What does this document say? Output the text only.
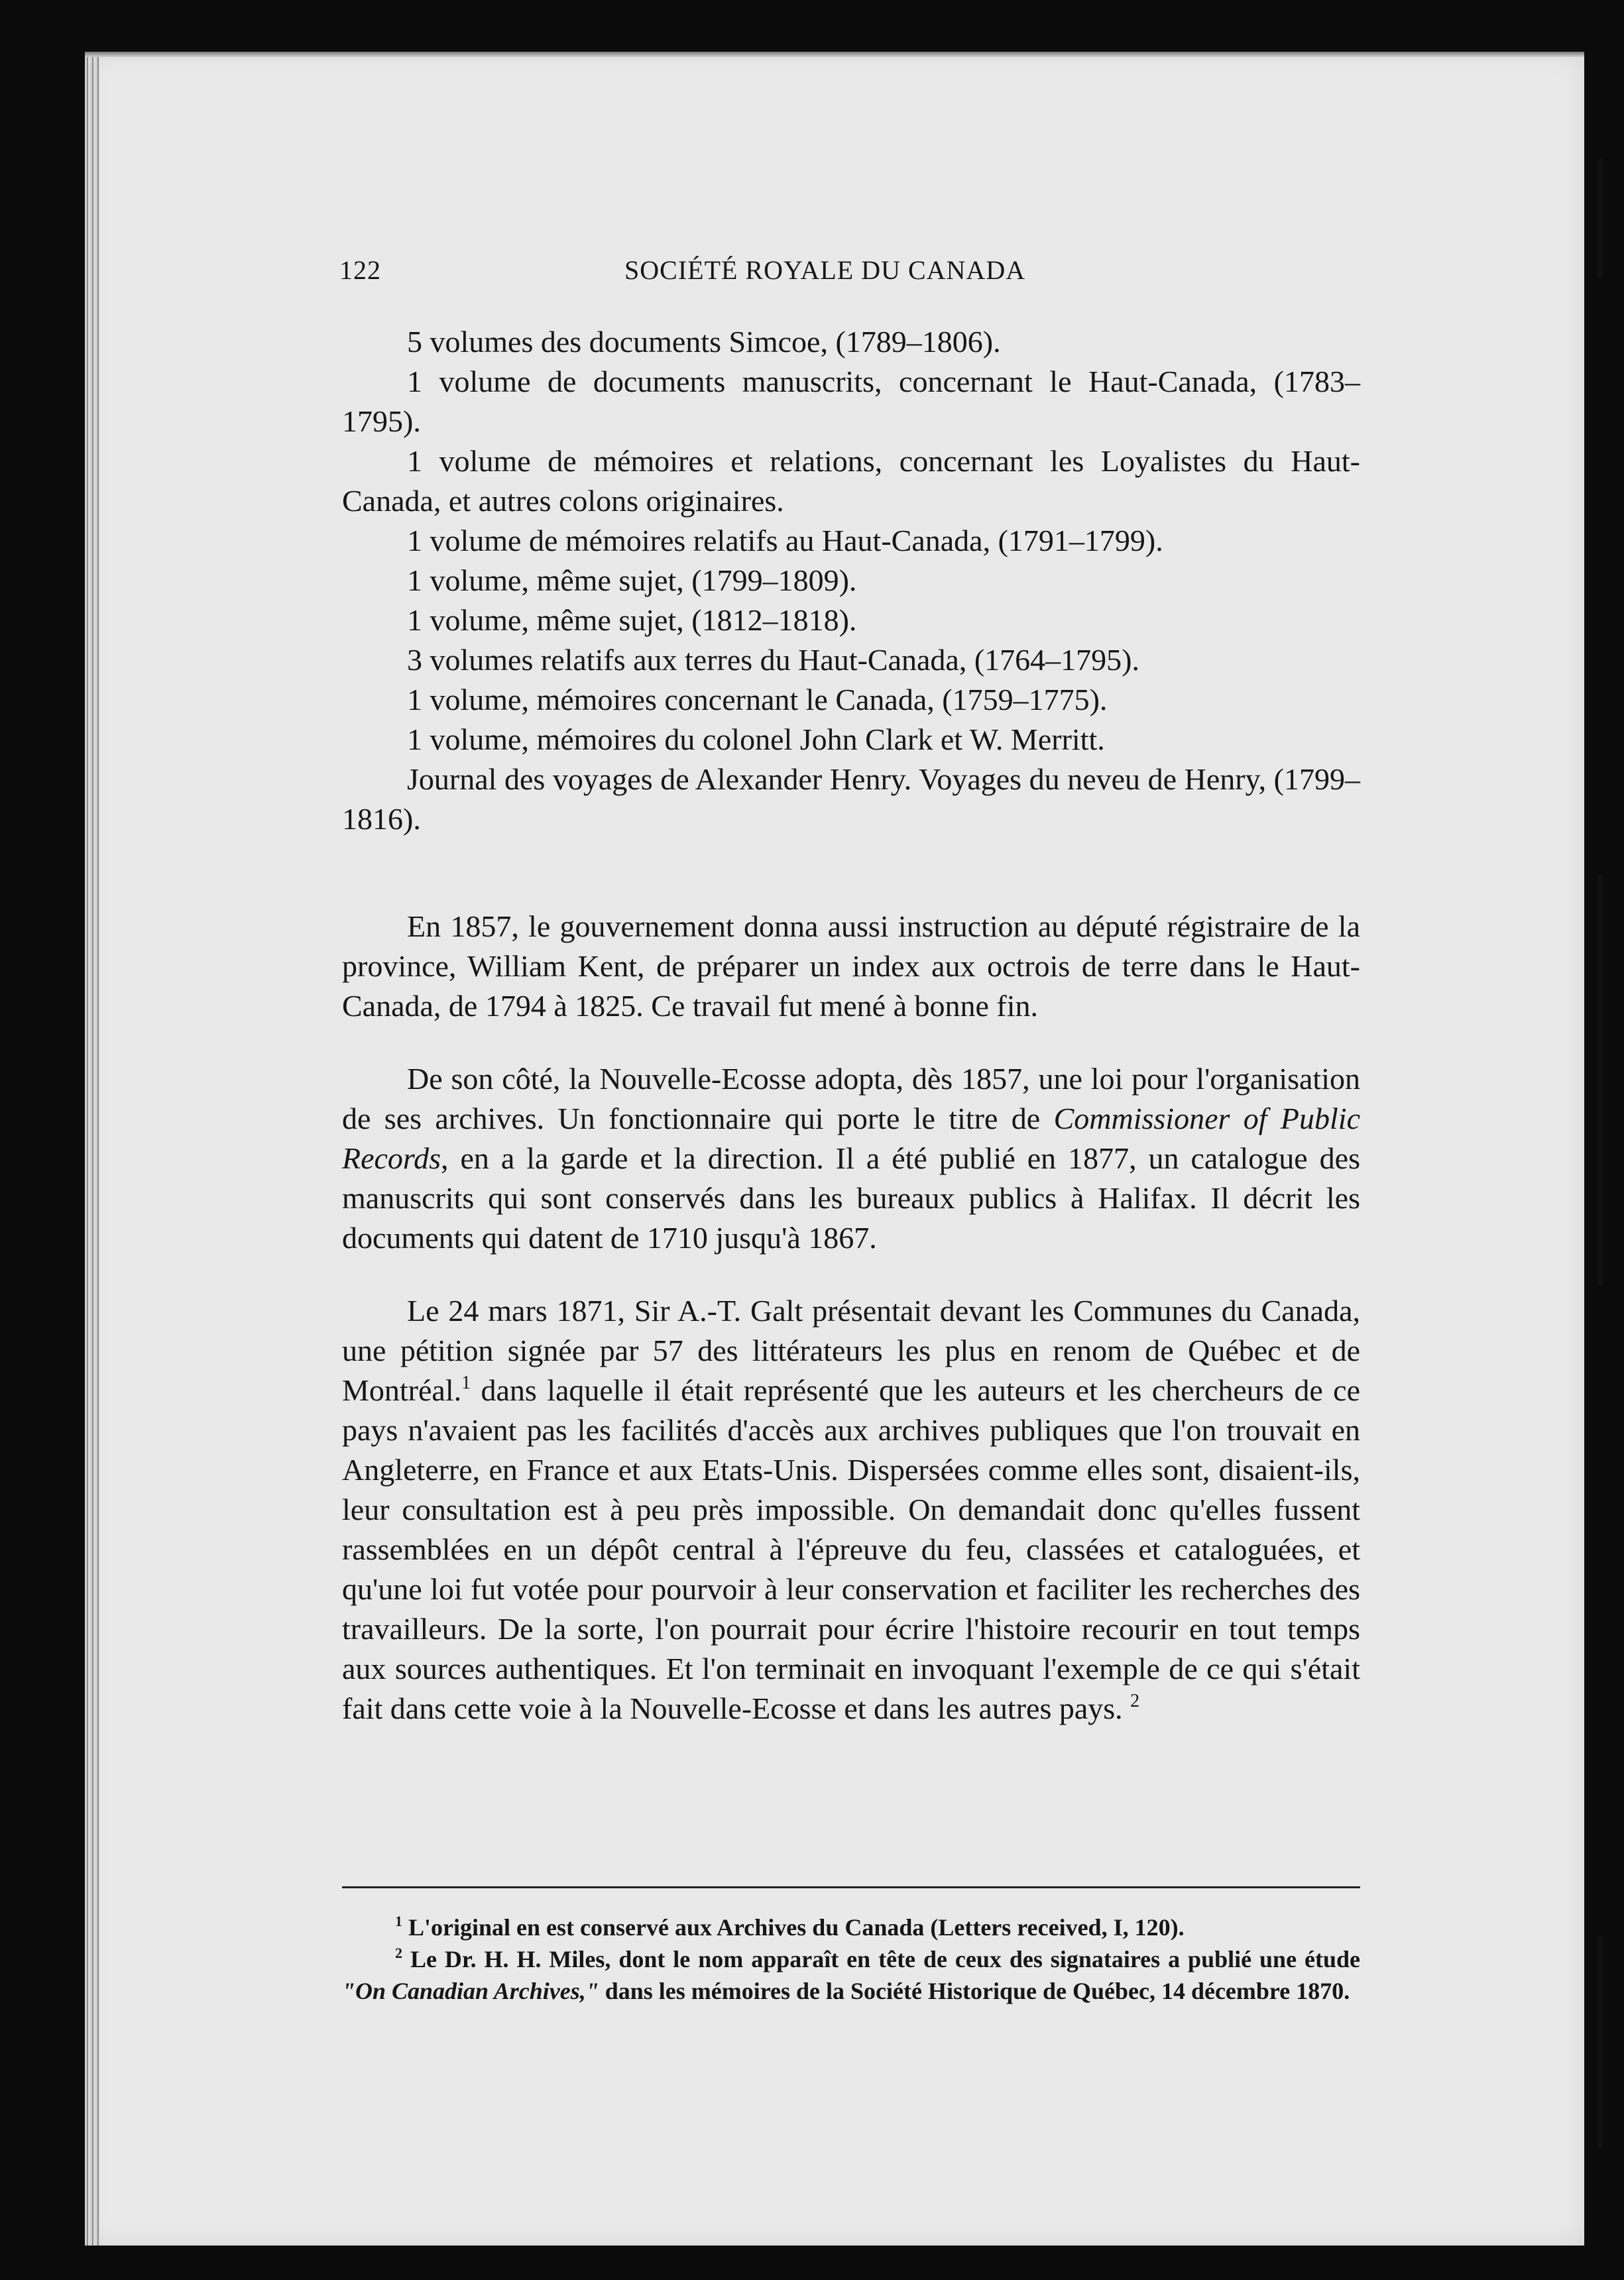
122	SOCIÉTÉ ROYALE DU CANADA

5 volumes des documents Simcoe, (1789–1806).

1 volume de documents manuscrits, concernant le Haut-Canada, (1783–1795).

1 volume de mémoires et relations, concernant les Loyalistes du Haut-Canada, et autres colons originaires.

1 volume de mémoires relatifs au Haut-Canada, (1791–1799).

1 volume, même sujet, (1799–1809).

1 volume, même sujet, (1812–1818).

3 volumes relatifs aux terres du Haut-Canada, (1764–1795).

1 volume, mémoires concernant le Canada, (1759–1775).

1 volume, mémoires du colonel John Clark et W. Merritt.

Journal des voyages de Alexander Henry. Voyages du neveu de Henry, (1799–1816).

En 1857, le gouvernement donna aussi instruction au député régistraire de la province, William Kent, de préparer un index aux octrois de terre dans le Haut-Canada, de 1794 à 1825. Ce travail fut mené à bonne fin.

De son côté, la Nouvelle-Ecosse adopta, dès 1857, une loi pour l'organisation de ses archives. Un fonctionnaire qui porte le titre de Commissioner of Public Records, en a la garde et la direction. Il a été publié en 1877, un catalogue des manuscrits qui sont conservés dans les bureaux publics à Halifax. Il décrit les documents qui datent de 1710 jusqu'à 1867.

Le 24 mars 1871, Sir A.-T. Galt présentait devant les Communes du Canada, une pétition signée par 57 des littérateurs les plus en renom de Québec et de Montréal.$^1$ dans laquelle il était représenté que les auteurs et les chercheurs de ce pays n'avaient pas les facilités d'accès aux archives publiques que l'on trouvait en Angleterre, en France et aux Etats-Unis. Dispersées comme elles sont, disaient-ils, leur consultation est à peu près impossible. On demandait donc qu'elles fussent rassemblées en un dépôt central à l'épreuve du feu, classées et cataloguées, et qu'une loi fut votée pour pourvoir à leur conservation et faciliter les recherches des travailleurs. De la sorte, l'on pourrait pour écrire l'histoire recourir en tout temps aux sources authentiques. Et l'on terminait en invoquant l'exemple de ce qui s'était fait dans cette voie à la Nouvelle-Ecosse et dans les autres pays. $^2$

$^1$ L'original en est conservé aux Archives du Canada (Letters received, I, 120).

$^2$ Le Dr. H. H. Miles, dont le nom apparaît en tête de ceux des signataires a publié une étude "On Canadian Archives," dans les mémoires de la Société Historique de Québec, 14 décembre 1870.
